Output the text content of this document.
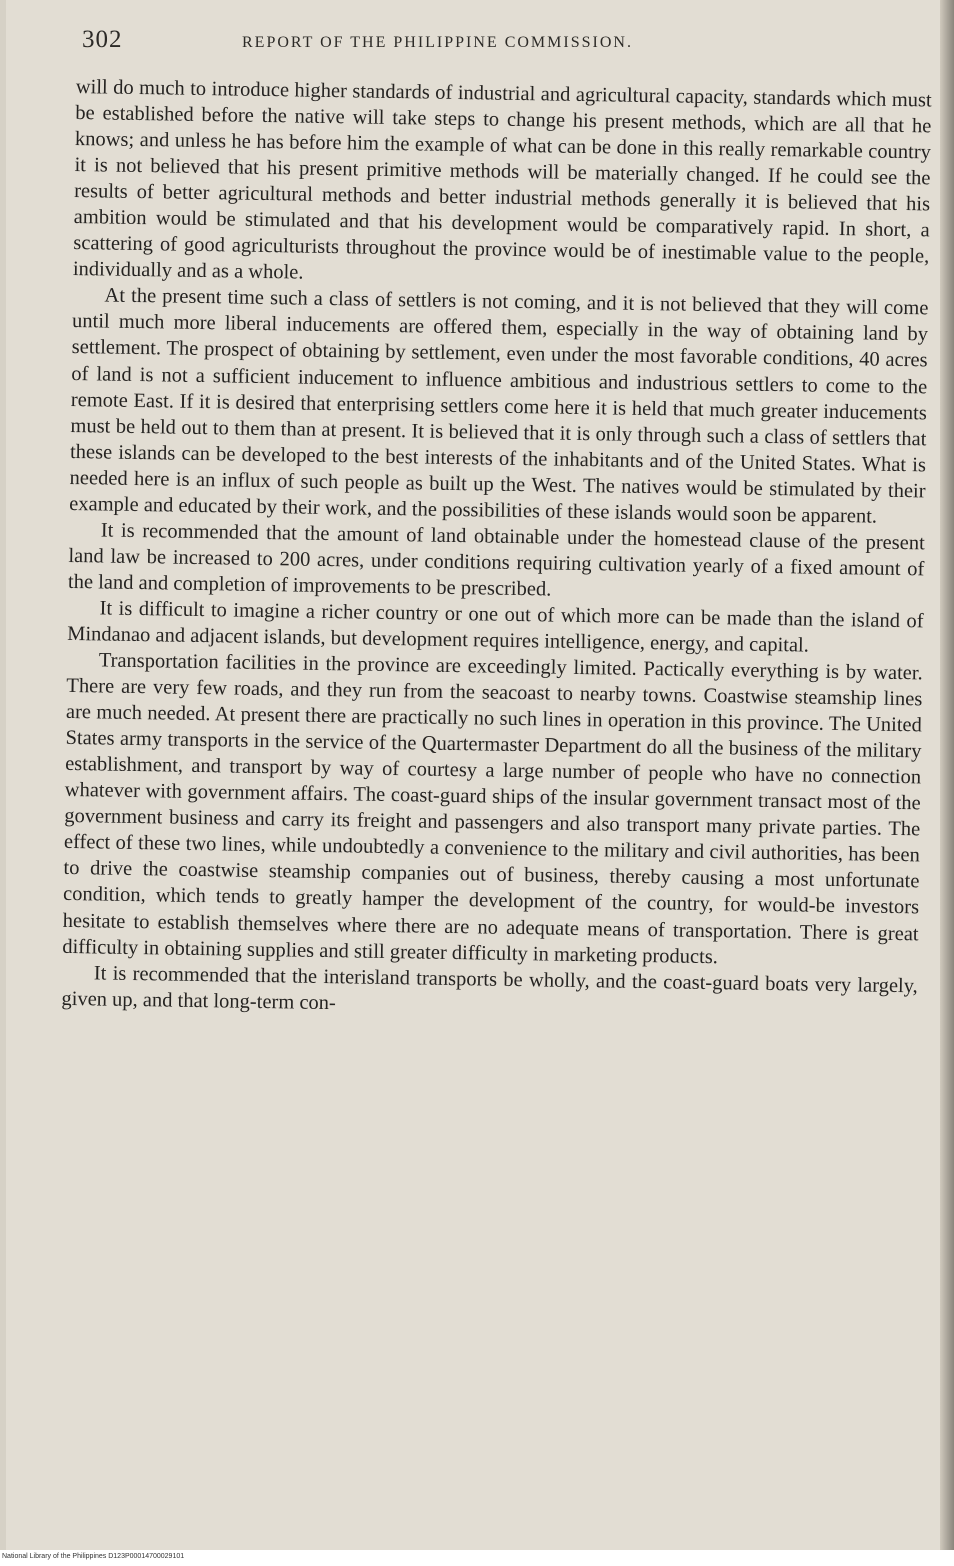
302	REPORT OF THE PHILIPPINE COMMISSION.

will do much to introduce higher standards of industrial and agricultural capacity, standards which must be established before the native will take steps to change his present methods, which are all that he knows; and unless he has before him the example of what can be done in this really remarkable country it is not believed that his present primitive methods will be materially changed. If he could see the results of better agricultural methods and better industrial methods generally it is believed that his ambition would be stimulated and that his development would be comparatively rapid. In short, a scattering of good agriculturists throughout the province would be of inestimable value to the people, individually and as a whole.

At the present time such a class of settlers is not coming, and it is not believed that they will come until much more liberal inducements are offered them, especially in the way of obtaining land by settlement. The prospect of obtaining by settlement, even under the most favorable conditions, 40 acres of land is not a sufficient inducement to influence ambitious and industrious settlers to come to the remote East. If it is desired that enterprising settlers come here it is held that much greater inducements must be held out to them than at present. It is believed that it is only through such a class of settlers that these islands can be developed to the best interests of the inhabitants and of the United States. What is needed here is an influx of such people as built up the West. The natives would be stimulated by their example and educated by their work, and the possibilities of these islands would soon be apparent.

It is recommended that the amount of land obtainable under the homestead clause of the present land law be increased to 200 acres, under conditions requiring cultivation yearly of a fixed amount of the land and completion of improvements to be prescribed.

It is difficult to imagine a richer country or one out of which more can be made than the island of Mindanao and adjacent islands, but development requires intelligence, energy, and capital.

Transportation facilities in the province are exceedingly limited. Pactically everything is by water. There are very few roads, and they run from the seacoast to nearby towns. Coastwise steamship lines are much needed. At present there are practically no such lines in operation in this province. The United States army transports in the service of the Quartermaster Department do all the business of the military establishment, and transport by way of courtesy a large number of people who have no connection whatever with government affairs. The coast-guard ships of the insular government transact most of the government business and carry its freight and passengers and also transport many private parties. The effect of these two lines, while undoubtedly a convenience to the military and civil authorities, has been to drive the coastwise steamship companies out of business, thereby causing a most unfortunate condition, which tends to greatly hamper the development of the country, for would-be investors hesitate to establish themselves where there are no adequate means of transportation. There is great difficulty in obtaining supplies and still greater difficulty in marketing products.

It is recommended that the interisland transports be wholly, and the coast-guard boats very largely, given up, and that long-term con-

National Library of the Philippines D123P00014700029101
